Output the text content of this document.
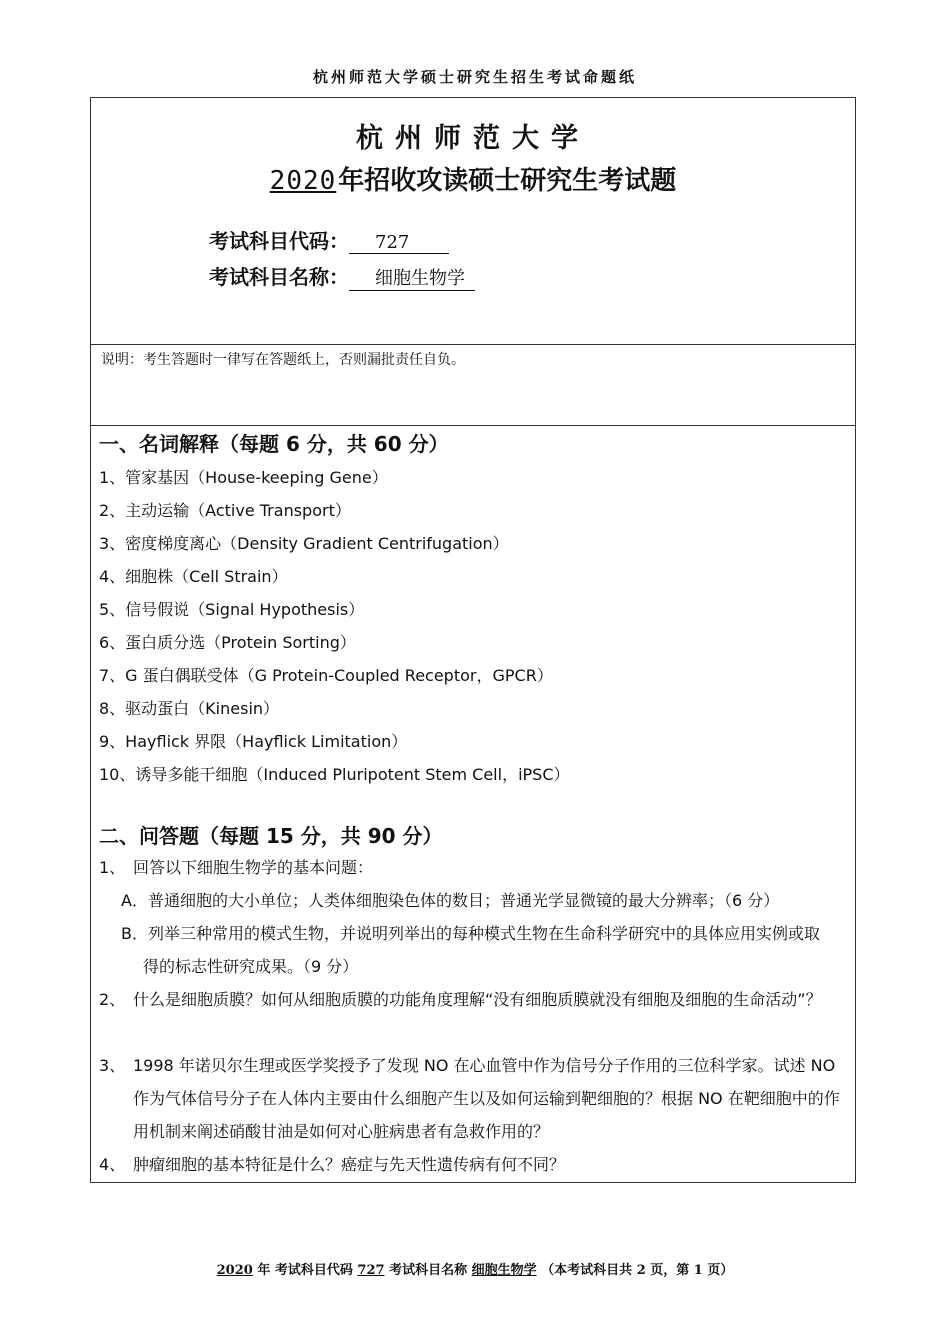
杭州师范大学硕士研究生招生考试命题纸
杭州师范大学
2020年招收攻读硕士研究生考试题
考试科目代码： 727
考试科目名称： 细胞生物学
说明：考生答题时一律写在答题纸上，否则漏批责任自负。
一、名词解释（每题 6 分，共 60 分）
1、管家基因（House-keeping Gene）
2、主动运输（Active Transport）
3、密度梯度离心（Density Gradient Centrifugation）
4、细胞株（Cell Strain）
5、信号假说（Signal Hypothesis）
6、蛋白质分选（Protein Sorting）
7、G 蛋白偶联受体（G Protein-Coupled Receptor，GPCR）
8、驱动蛋白（Kinesin）
9、Hayflick 界限（Hayflick Limitation）
10、诱导多能干细胞（Induced Pluripotent Stem Cell，iPSC）
二、问答题（每题 15 分，共 90 分）
1、 回答以下细胞生物学的基本问题：
A．普通细胞的大小单位；人类体细胞染色体的数目；普通光学显微镜的最大分辨率；（6 分）
B．列举三种常用的模式生物，并说明列举出的每种模式生物在生命科学研究中的具体应用实例或取
得的标志性研究成果。（9 分）
2、 什么是细胞质膜？如何从细胞质膜的功能角度理解“没有细胞质膜就没有细胞及细胞的生命活动”？
3、 1998 年诺贝尔生理或医学奖授予了发现 NO 在心血管中作为信号分子作用的三位科学家。试述 NO 作为气体信号分子在人体内主要由什么细胞产生以及如何运输到靶细胞的？根据 NO 在靶细胞中的作用机制来阐述硝酸甘油是如何对心脏病患者有急救作用的？
4、 肿瘤细胞的基本特征是什么？癌症与先天性遗传病有何不同？
2020 年 考试科目代码 727 考试科目名称 细胞生物学 （本考试科目共 2 页，第 1 页）
